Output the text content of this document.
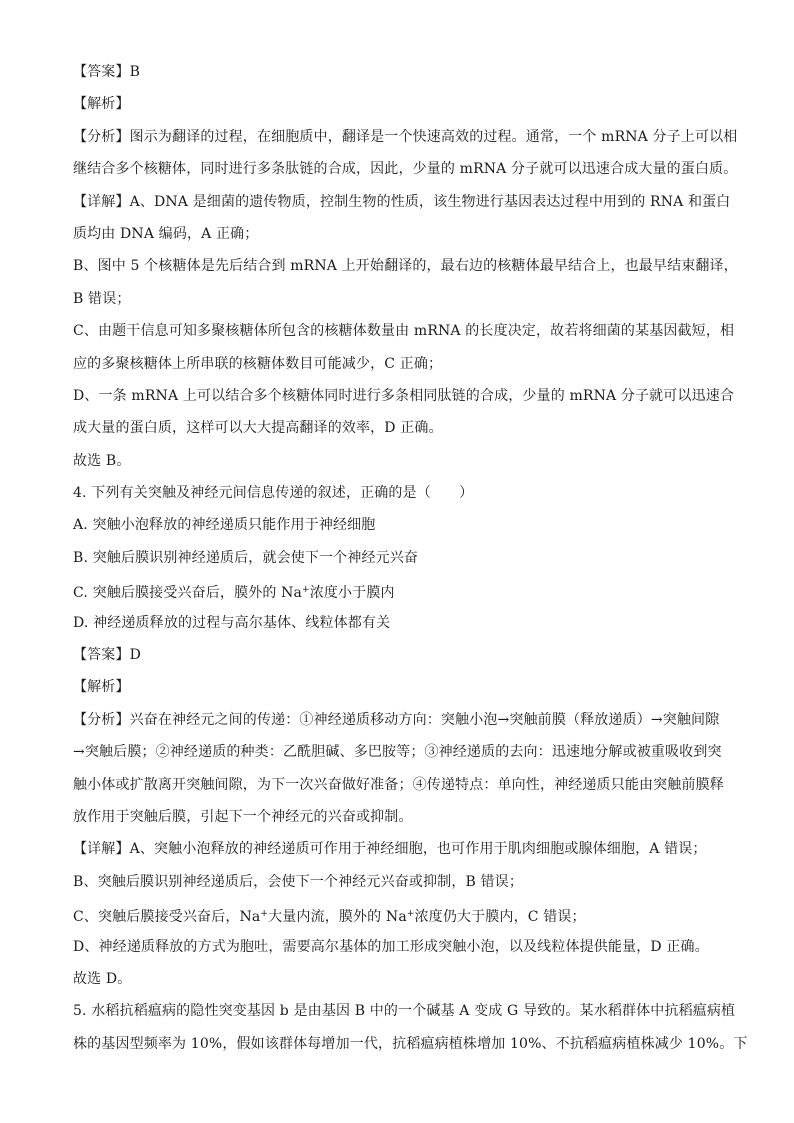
【答案】B
【解析】
【分析】图示为翻译的过程，在细胞质中，翻译是一个快速高效的过程。通常，一个 mRNA 分子上可以相
继结合多个核糖体，同时进行多条肽链的合成，因此，少量的 mRNA 分子就可以迅速合成大量的蛋白质。
【详解】A、DNA 是细菌的遗传物质，控制生物的性质，该生物进行基因表达过程中用到的 RNA 和蛋白
质均由 DNA 编码，A 正确；
B、图中 5 个核糖体是先后结合到 mRNA 上开始翻译的，最右边的核糖体最早结合上，也最早结束翻译，
B 错误；
C、由题干信息可知多聚核糖体所包含的核糖体数量由 mRNA 的长度决定，故若将细菌的某基因截短，相
应的多聚核糖体上所串联的核糖体数目可能减少，C 正确；
D、一条 mRNA 上可以结合多个核糖体同时进行多条相同肽链的合成，少量的 mRNA 分子就可以迅速合
成大量的蛋白质，这样可以大大提高翻译的效率，D 正确。
故选 B。
4. 下列有关突触及神经元间信息传递的叙述，正确的是（　　）
A. 突触小泡释放的神经递质只能作用于神经细胞
B. 突触后膜识别神经递质后，就会使下一个神经元兴奋
C. 突触后膜接受兴奋后，膜外的 Na+浓度小于膜内
D. 神经递质释放的过程与高尔基体、线粒体都有关
【答案】D
【解析】
【分析】兴奋在神经元之间的传递：①神经递质移动方向：突触小泡→突触前膜（释放递质）→突触间隙
→突触后膜；②神经递质的种类：乙酰胆碱、多巴胺等；③神经递质的去向：迅速地分解或被重吸收到突
触小体或扩散离开突触间隙，为下一次兴奋做好准备；④传递特点：单向性，神经递质只能由突触前膜释
放作用于突触后膜，引起下一个神经元的兴奋或抑制。
【详解】A、突触小泡释放的神经递质可作用于神经细胞，也可作用于肌肉细胞或腺体细胞，A 错误；
B、突触后膜识别神经递质后，会使下一个神经元兴奋或抑制，B 错误；
C、突触后膜接受兴奋后，Na+大量内流，膜外的 Na+浓度仍大于膜内，C 错误；
D、神经递质释放的方式为胞吐，需要高尔基体的加工形成突触小泡，以及线粒体提供能量，D 正确。
故选 D。
5. 水稻抗稻瘟病的隐性突变基因 b 是由基因 B 中的一个碱基 A 变成 G 导致的。某水稻群体中抗稻瘟病植
株的基因型频率为 10%，假如该群体每增加一代，抗稻瘟病植株增加 10%、不抗稻瘟病植株减少 10%。下
